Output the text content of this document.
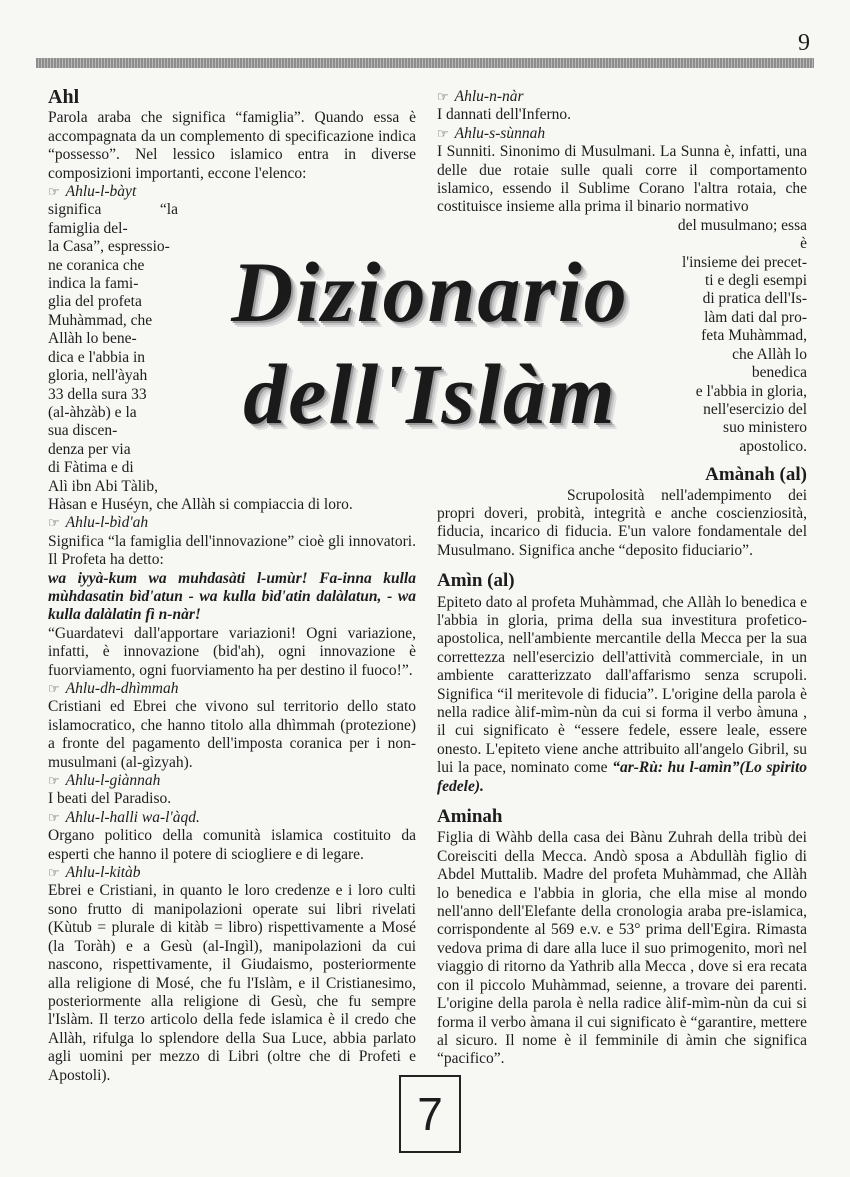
9

Ahl

Parola araba che significa “famiglia”. Quando essa è accompagnata da un complemento di specificazione indica “possesso”. Nel lessico islamico entra in diverse composizioni importanti, eccone l'elenco:

☞ Ahlu-l-bàyt

significa “la famiglia del-
la Casa”, espressio-
ne coranica che
indica la fami-
glia del profeta
Muhàmmad, che
Allàh lo bene-
dica e l'abbia in
gloria, nell'àyah
33 della sura 33
(al-àhzàb) e la
sua discen-
denza per via
di Fàtima e di
Alì ibn Abi Tàlib,

Hàsan e Huséyn, che Allàh si compiaccia di loro.

☞ Ahlu-l-bìd'ah

Significa “la famiglia dell'innovazione” cioè gli innovatori. Il Profeta ha detto:

wa iyyà-kum wa muhdasàti l-umùr! Fa-inna kulla mùhdasatin bìd'atun - wa kulla bìd'atin dalàlatun, - wa kulla dalàlatin fì n-nàr!

“Guardatevi dall'apportare variazioni! Ogni variazione, infatti, è innovazione (bid'ah), ogni innovazione è fuorviamento, ogni fuorviamento ha per destino il fuoco!”.

☞ Ahlu-dh-dhìmmah

Cristiani ed Ebrei che vivono sul territorio dello stato islamocratico, che hanno titolo alla dhìmmah (protezione) a fronte del pagamento dell'imposta coranica per i non-musulmani (al-gìzyah).

☞ Ahlu-l-giànnah

I beati del Paradiso.

☞ Ahlu-l-halli wa-l'àqd.

Organo politico della comunità islamica costituito da esperti che hanno il potere di sciogliere e di legare.

☞ Ahlu-l-kitàb

Ebrei e Cristiani, in quanto le loro credenze e i loro culti sono frutto di manipolazioni operate sui libri rivelati (Kùtub = plurale di kitàb = libro) rispettivamente a Mosé (la Toràh) e a Gesù (al-Ingìl), manipolazioni da cui nascono, rispettivamente, il Giudaismo, posteriormente alla religione di Mosé, che fu l'Islàm, e il Cristianesimo, posteriormente alla religione di Gesù, che fu sempre l'Islàm. Il terzo articolo della fede islamica è il credo che Allàh, rifulga lo splendore della Sua Luce, abbia parlato agli uomini per mezzo di Libri (oltre che di Profeti e Apostoli).

☞ Ahlu-n-nàr

I dannati dell'Inferno.

☞ Ahlu-s-sùnnah

I Sunniti. Sinonimo di Musulmani. La Sunna è, infatti, una delle due rotaie sulle quali corre il comportamento islamico, essendo il Sublime Corano l'altra rotaia, che costituisce insieme alla prima il binario normativo

del musulmano; essa è
l'insieme dei precet-
ti e degli esempi
di pratica dell'Is-
làm dati dal pro-
feta Muhàmmad,
che Allàh lo benedica
e l'abbia in gloria,
nell'esercizio del
suo ministero
apostolico.

Amànah (al)

Scrupolosità nell'adempimento dei propri doveri, probità, integrità e anche coscienziosità, fiducia, incarico di fiducia. E'un valore fondamentale del Musulmano. Significa anche “deposito fiduciario”.

Amìn (al)

Epiteto dato al profeta Muhàmmad, che Allàh lo benedica e l'abbia in gloria, prima della sua investitura profetico-apostolica, nell'ambiente mercantile della Mecca per la sua correttezza nell'esercizio dell'attività commerciale, in un ambiente caratterizzato dall'affarismo senza scrupoli. Significa “il meritevole di fiducia”. L'origine della parola è nella radice àlif-mìm-nùn da cui si forma il verbo àmuna , il cui significato è “essere fedele, essere leale, essere onesto. L'epiteto viene anche attribuito all'angelo Gibril, su lui la pace, nominato come “ar-Rù: hu l-amìn”(Lo spirito fedele).

Aminah

Figlia di Wàhb della casa dei Bànu Zuhrah della tribù dei Coreisciti della Mecca. Andò sposa a Abdullàh figlio di Abdel Muttalib. Madre del profeta Muhàmmad, che Allàh lo benedica e l'abbia in gloria, che ella mise al mondo nell'anno dell'Elefante della cronologia araba pre-islamica, corrispondente al 569 e.v. e 53° prima dell'Egira. Rimasta vedova prima di dare alla luce il suo primogenito, morì nel viaggio di ritorno da Yathrib alla Mecca , dove si era recata con il piccolo Muhàmmad, seienne, a trovare dei parenti. L'origine della parola è nella radice àlif-mìm-nùn da cui si forma il verbo àmana il cui significato è “garantire, mettere al sicuro. Il nome è il femminile di àmin che significa “pacifico”.

Dizionario
dell'Islàm
7
